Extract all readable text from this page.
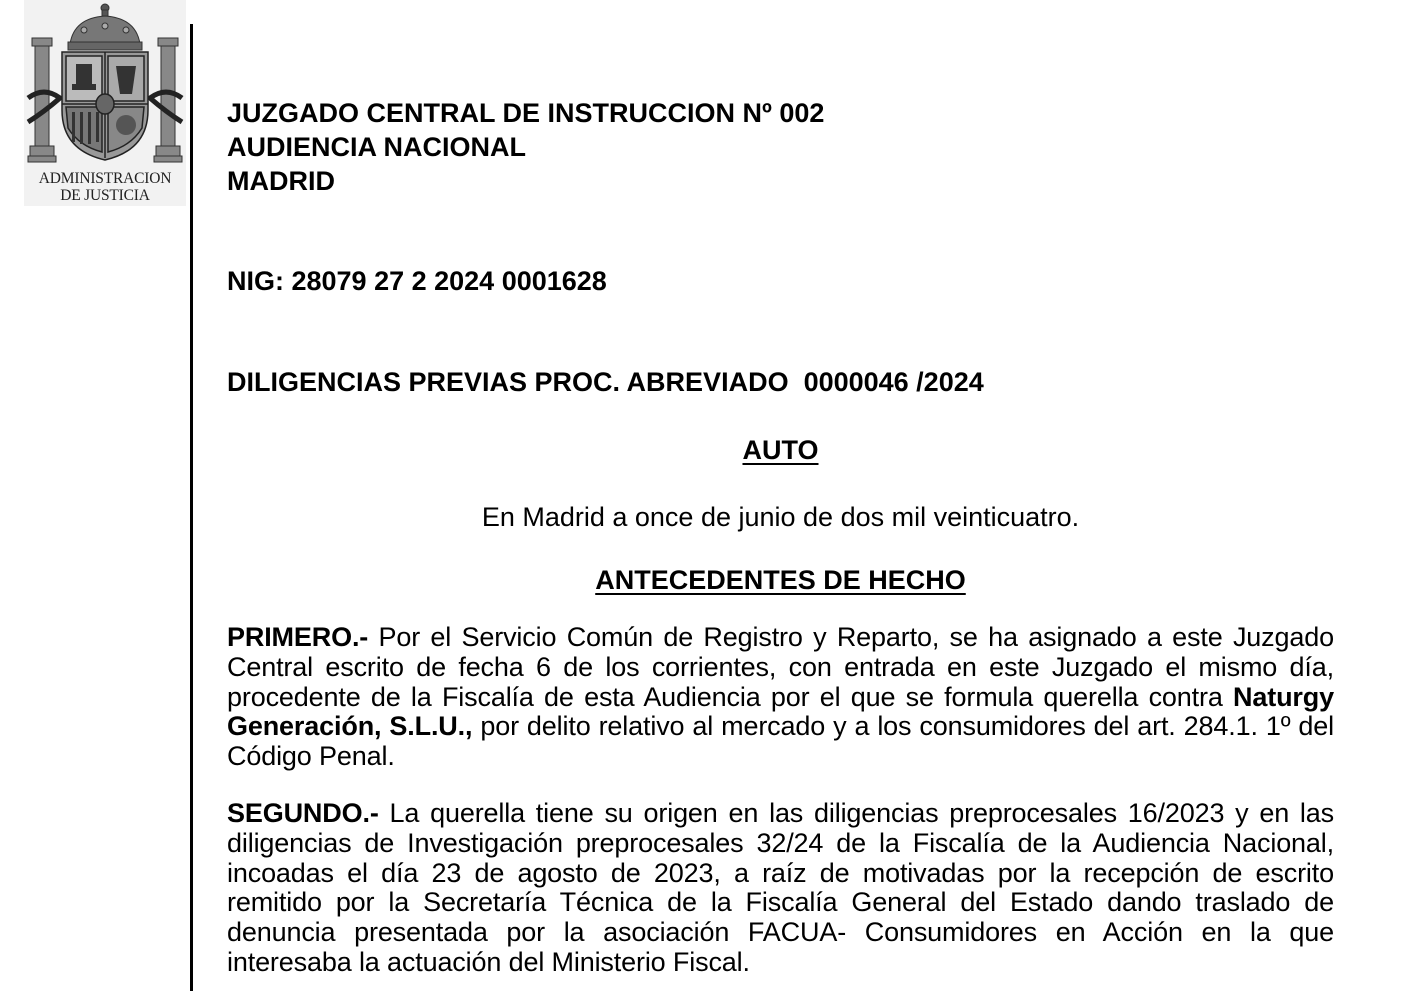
ADMINISTRACION
DE JUSTICIA
JUZGADO CENTRAL DE INSTRUCCION Nº 002
AUDIENCIA NACIONAL
MADRID
NIG: 28079 27 2 2024 0001628
DILIGENCIAS PREVIAS PROC. ABREVIADO  0000046 /2024
AUTO
En Madrid a once de junio de dos mil veinticuatro.
ANTECEDENTES DE HECHO
PRIMERO.- Por el Servicio Común de Registro y Reparto, se ha asignado a este Juzgado Central escrito de fecha 6 de los corrientes, con entrada en este Juzgado el mismo día, procedente de la Fiscalía de esta Audiencia por el que se formula querella contra Naturgy Generación, S.L.U., por delito relativo al mercado y a los consumidores del art. 284.1. 1º del Código Penal.
SEGUNDO.- La querella tiene su origen en las diligencias preprocesales 16/2023 y en las diligencias de Investigación preprocesales 32/24 de la Fiscalía de la Audiencia Nacional, incoadas el día 23 de agosto de 2023, a raíz de motivadas por la recepción de escrito remitido por la Secretaría Técnica de la Fiscalía General del Estado dando traslado de denuncia presentada por la asociación FACUA- Consumidores en Acción en la que interesaba la actuación del Ministerio Fiscal.
